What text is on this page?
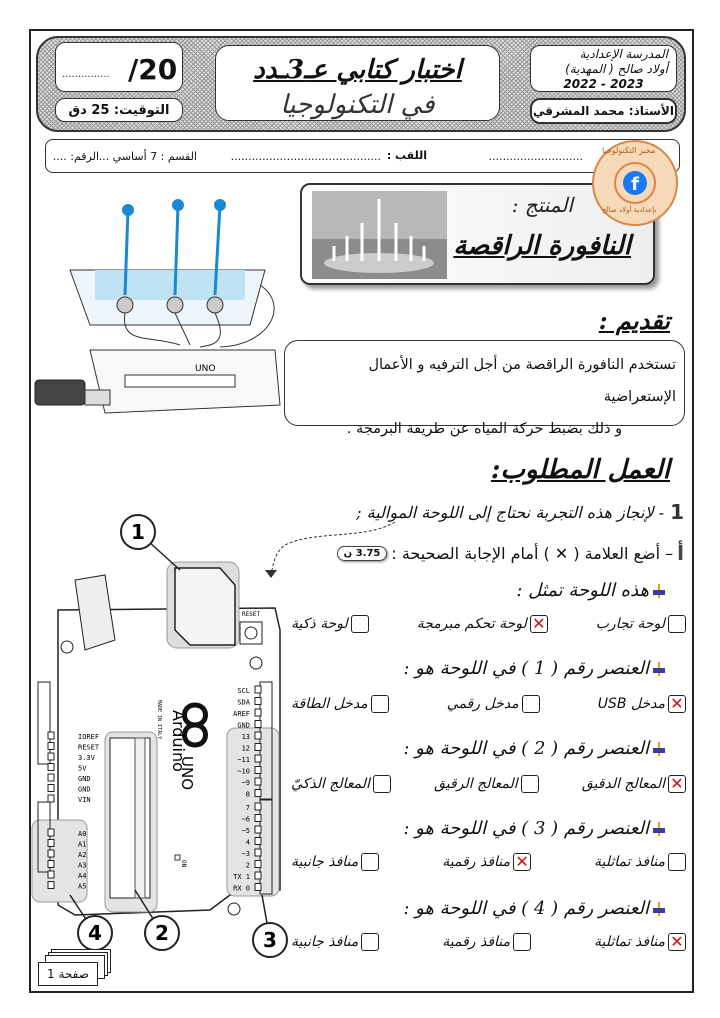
............... /20
التوقيت: 25 دق
اختبار كتابي عـ3ـدد
في التكنولوجيا
المدرسة الإعدادية
أولاد صالح ( المهدية)
2022 - 2023
الأستاذ: محمد المشرقي
...........................
اللقب :
...........................................
القسم : 7 أساسي ...
الرقم: ....
المنتج :
النافورة الراقصة
f
مخبر التكنولوجيا
بإعدادية أولاد صالح
UNO
تقديم :
تستخدم النافورة الراقصة من أجل الترفيه و الأعمال الإستعراضية
و ذلك بضبط حركة المياه عن طريقة البرمجة .
العمل المطلوب:
1
- لإنجاز هذه التجربة نحتاج إلى اللوحة الموالية ;
أ
– أضع العلامة ( ✕ ) أمام الإجابة الصحيحة :
3.75 ن
هذه اللوحة تمثل :
لوحة تجارب
✕
لوحة تحكم مبرمجة
لوحة ذكية
العنصر رقم ( 1 ) في اللوحة هو :
✕
مدخل USB
مدخل رقمي
مدخل الطاقة
العنصر رقم ( 2 ) في اللوحة هو :
✕
المعالج الدقيق
المعالج الرقيق
المعالج الذكيّ
العنصر رقم ( 3 ) في اللوحة هو :
منافذ تماثلية
✕
منافذ رقمية
منافذ جانبية
العنصر رقم ( 4 ) في اللوحة هو :
✕
منافذ تماثلية
منافذ رقمية
منافذ جانبية
RESET
Arduino
MADE IN ITALY
UNO
ON
IOREF
RESET
3.3V
5V
GND
GND
VIN
A0
A1
A2
A3
A4
A5
SCL
SDA
AREF
GND
13
12
~11
~10
~9
8
7
~6
~5
4
~3
2
TX 1
RX 0
1
2	3
4
صفحة 1
